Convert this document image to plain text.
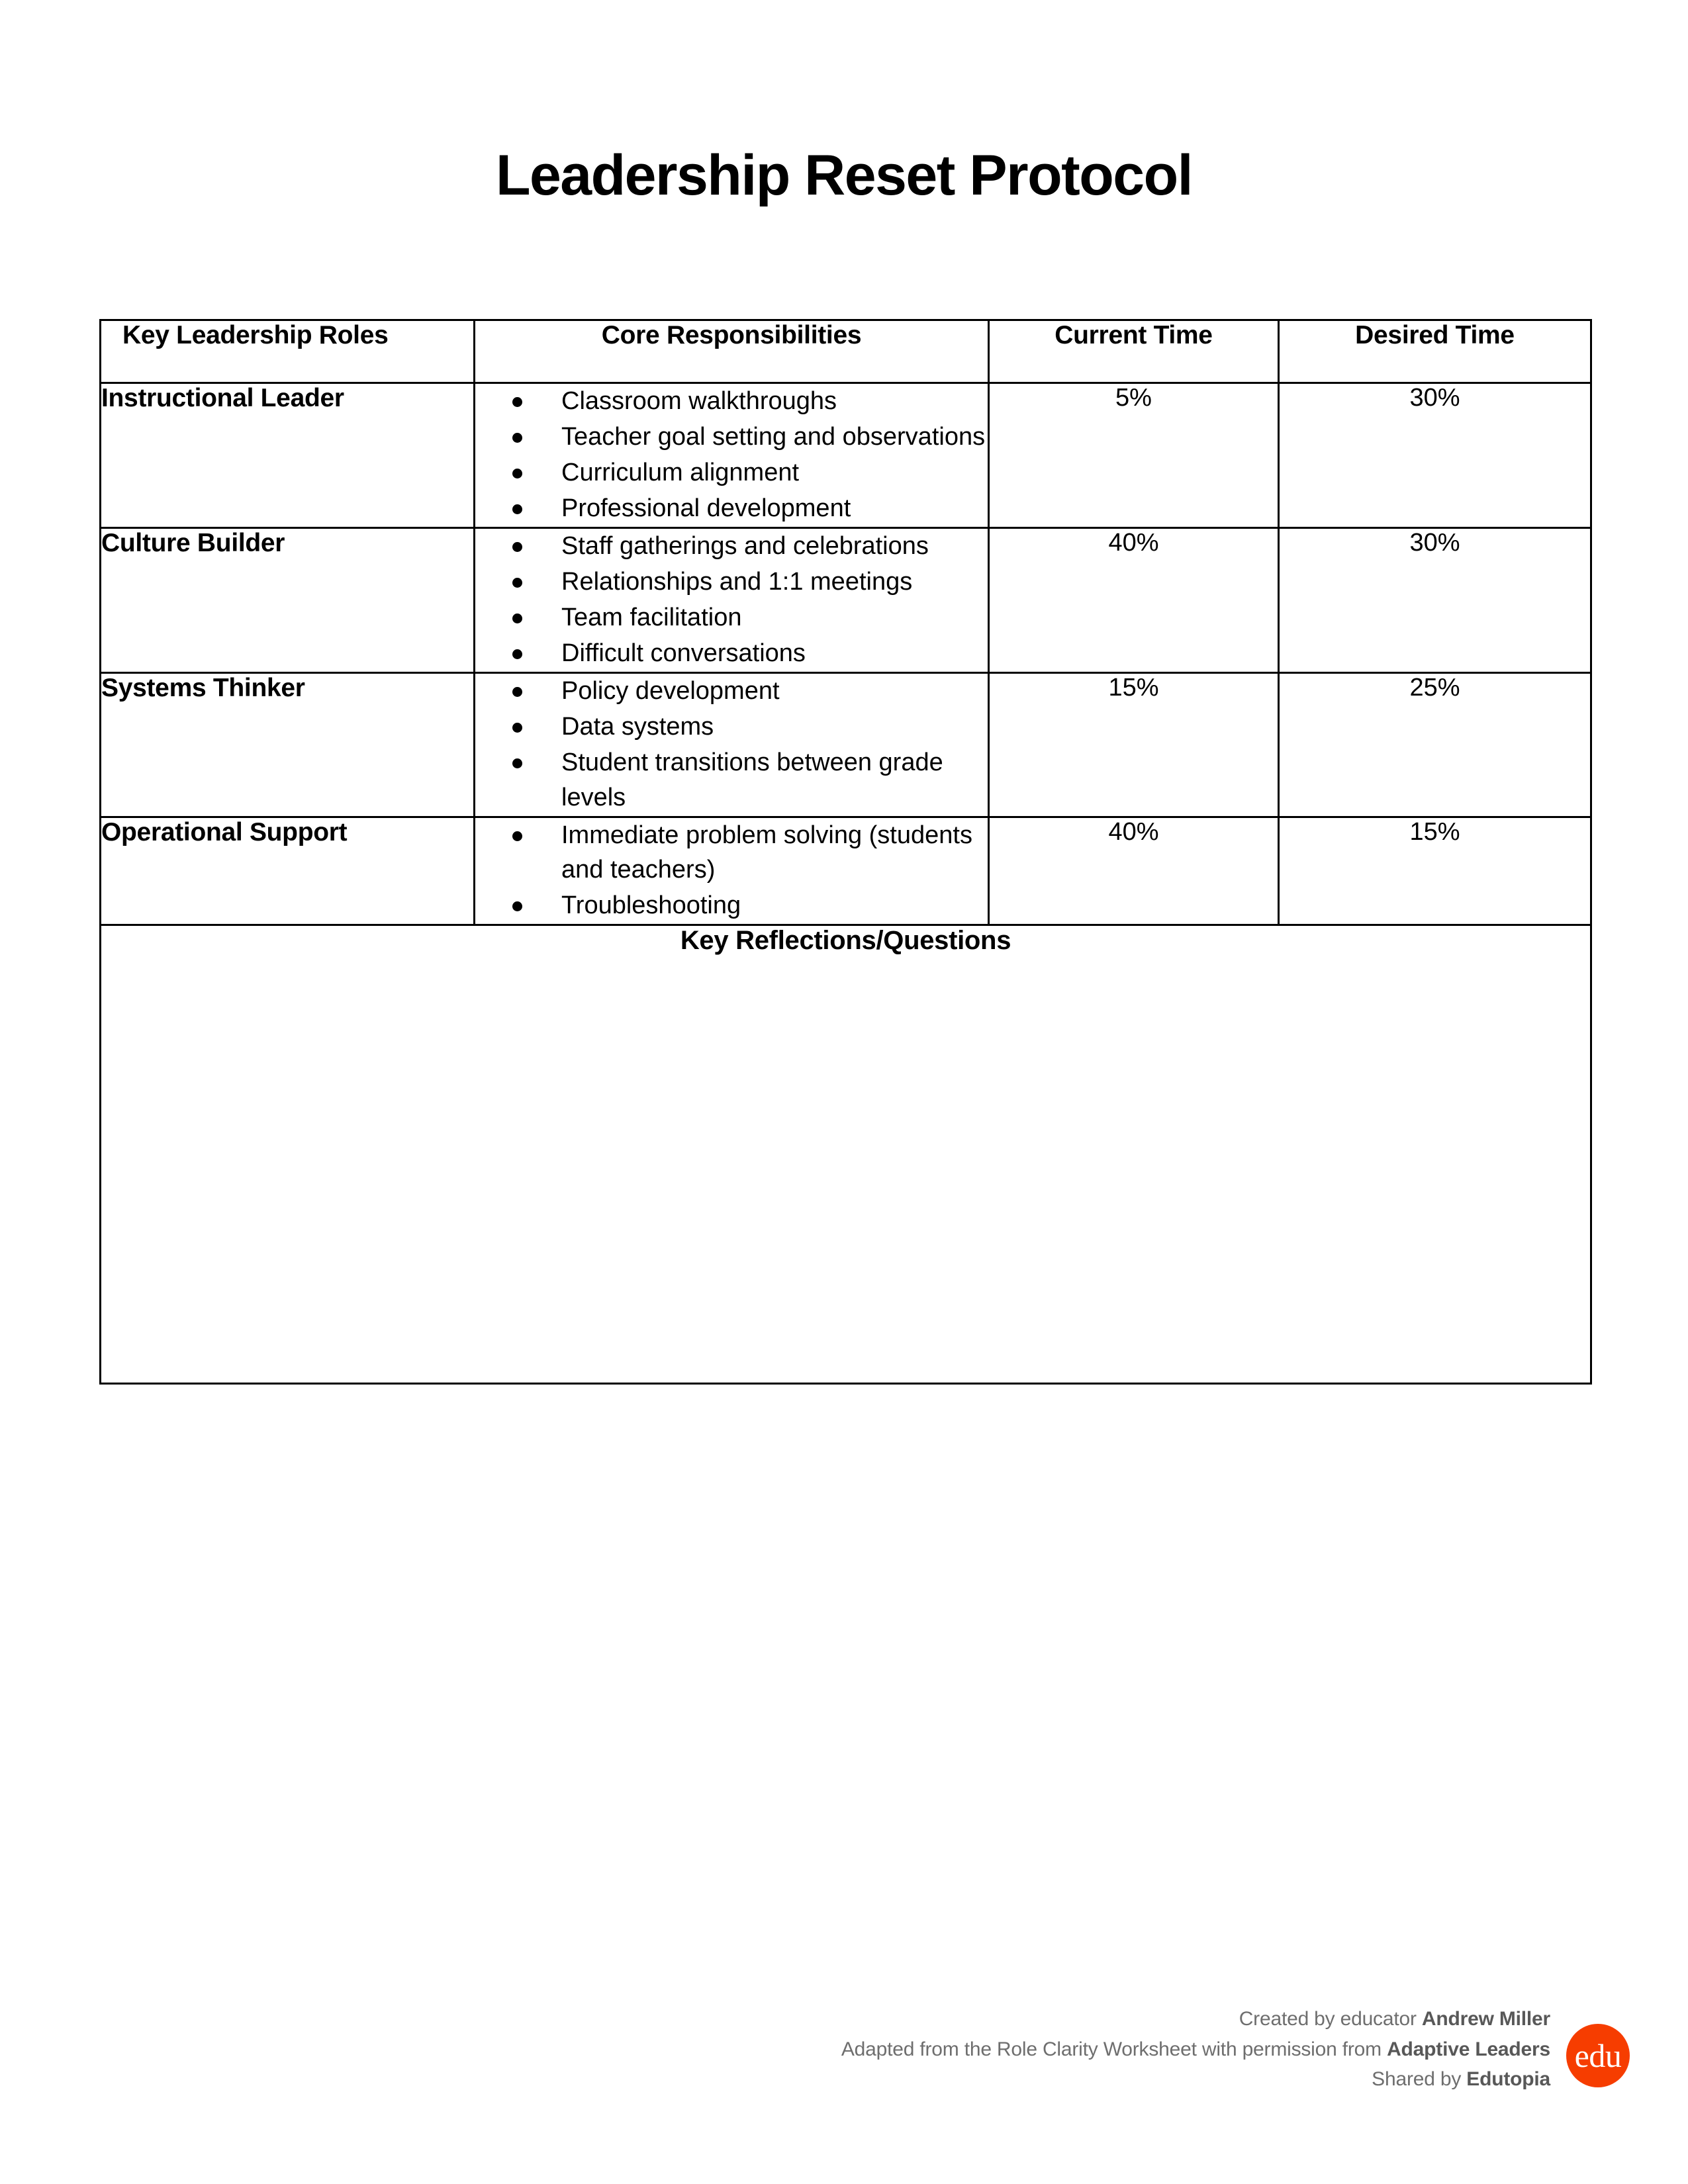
Leadership Reset Protocol
Key Leadership Roles	Core Responsibilities	Current Time	Desired Time
Instructional Leader	Classroom walkthroughs
Teacher goal setting and observations
Curriculum alignment
Professional development
	5%	30%
Culture Builder	Staff gatherings and celebrations
Relationships and 1:1 meetings
Team facilitation
Difficult conversations
	40%	30%
Systems Thinker	Policy development
Data systems
Student transitions between grade levels
	15%	25%
Operational Support	Immediate problem solving (students and teachers)
Troubleshooting
	40%	15%

Key Reflections/Questions			
Created by educator Andrew Miller
Adapted from the Role Clarity Worksheet with permission from Adaptive Leaders
Shared by Edutopia
edu
